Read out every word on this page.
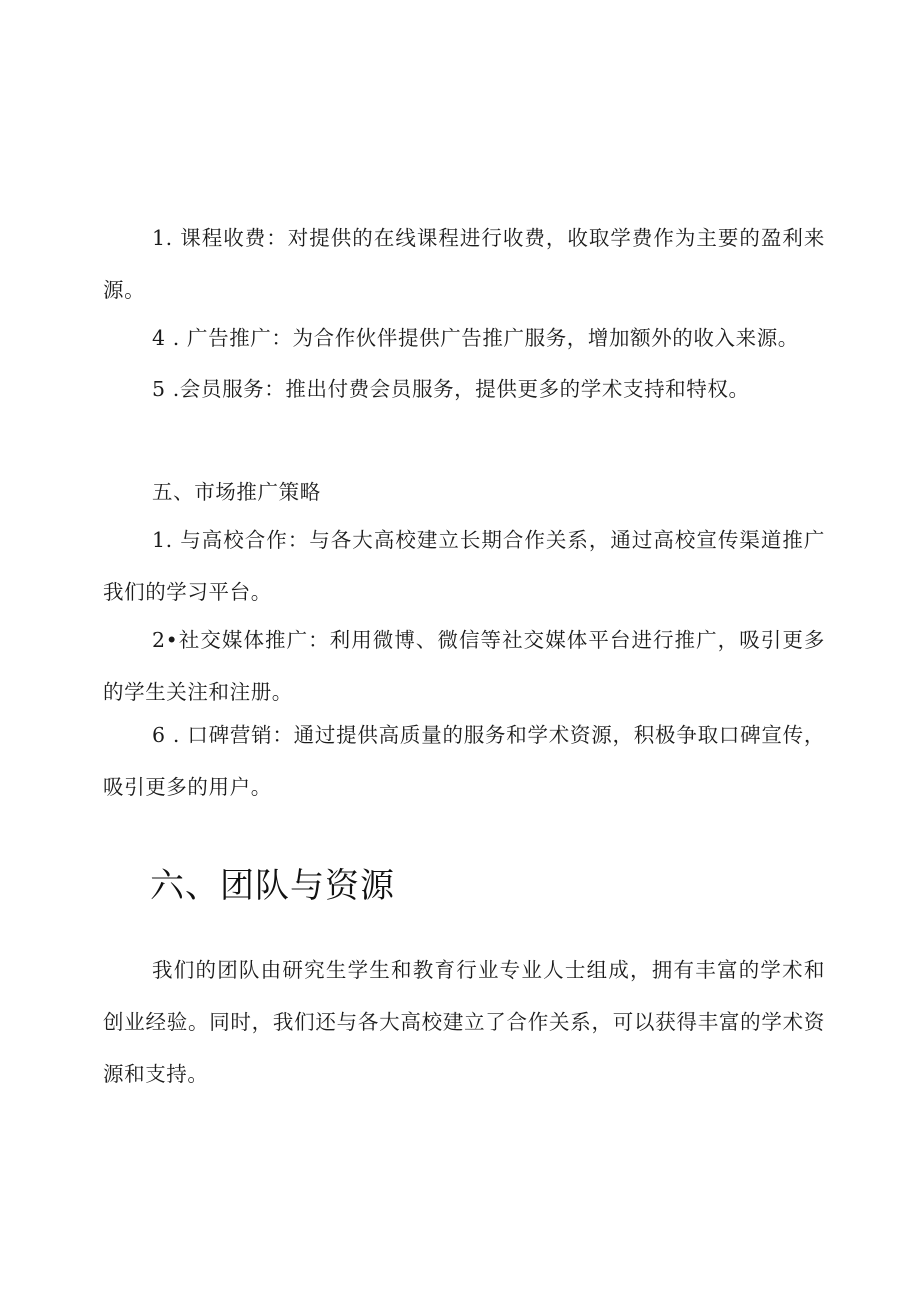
1. 课程收费：对提供的在线课程进行收费，收取学费作为主要的盈利来源。

4 . 广告推广：为合作伙伴提供广告推广服务，增加额外的收入来源。

5 .会员服务：推出付费会员服务，提供更多的学术支持和特权。

五、市场推广策略

1. 与高校合作：与各大高校建立长期合作关系，通过高校宣传渠道推广我们的学习平台。

2•社交媒体推广：利用微博、微信等社交媒体平台进行推广，吸引更多的学生关注和注册。

6 . 口碑营销：通过提供高质量的服务和学术资源，积极争取口碑宣传，吸引更多的用户。

六、团队与资源

我们的团队由研究生学生和教育行业专业人士组成，拥有丰富的学术和创业经验。同时，我们还与各大高校建立了合作关系，可以获得丰富的学术资源和支持。
